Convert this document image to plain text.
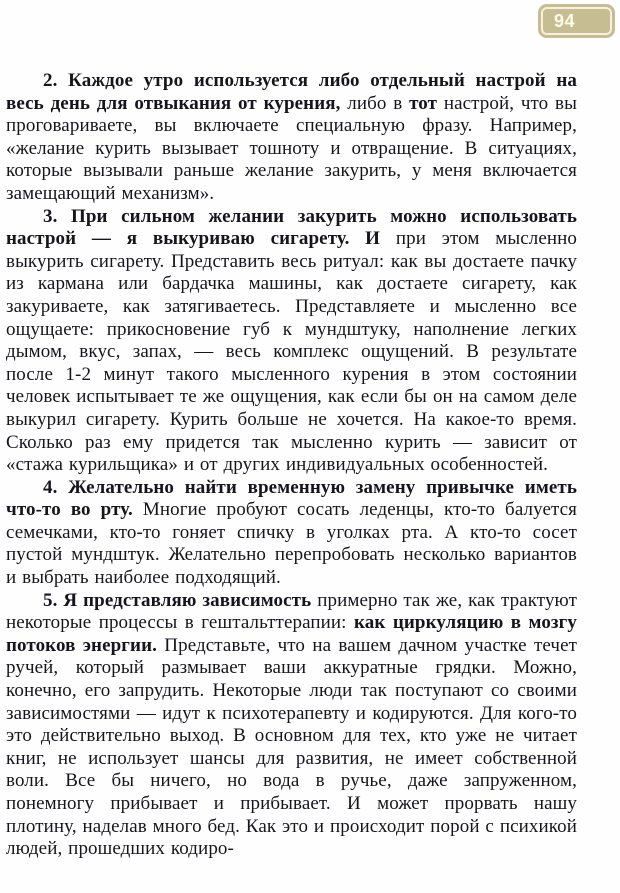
94

2. Каждое утро используется либо отдельный настрой на весь день для отвыкания от курения, либо в тот настрой, что вы проговариваете, вы включаете специальную фразу. Например, «желание курить вызывает тошноту и отвращение. В ситуациях, которые вызывали раньше желание закурить, у меня включается замещающий механизм».

3. При сильном желании закурить можно использовать настрой — я выкуриваю сигарету. И при этом мысленно выкурить сигарету. Представить весь ритуал: как вы достаете пачку из кармана или бардачка машины, как достаете сигарету, как закуриваете, как затягиваетесь. Представляете и мысленно все ощущаете: прикосновение губ к мундштуку, наполнение легких дымом, вкус, запах, — весь комплекс ощущений. В результате после 1-2 минут такого мысленного курения в этом состоянии человек испытывает те же ощущения, как если бы он на самом деле выкурил сигарету. Курить больше не хочется. На какое-то время. Сколько раз ему придется так мысленно курить — зависит от «стажа курильщика» и от других индивидуальных особенностей.

4. Желательно найти временную замену привычке иметь что-то во рту. Многие пробуют сосать леденцы, кто-то балуется семечками, кто-то гоняет спичку в уголках рта. А кто-то сосет пустой мундштук. Желательно перепробовать несколько вариантов и выбрать наиболее подходящий.

5. Я представляю зависимость примерно так же, как трактуют некоторые процессы в гештальттерапии: как циркуляцию в мозгу потоков энергии. Представьте, что на вашем дачном участке течет ручей, который размывает ваши аккуратные грядки. Можно, конечно, его запрудить. Некоторые люди так поступают со своими зависимостями — идут к психотерапевту и кодируются. Для кого-то это действительно выход. В основном для тех, кто уже не читает книг, не использует шансы для развития, не имеет собственной воли. Все бы ничего, но вода в ручье, даже запруженном, понемногу прибывает и прибывает. И может прорвать нашу плотину, наделав много бед. Как это и происходит порой с психикой людей, прошедших кодиро-
